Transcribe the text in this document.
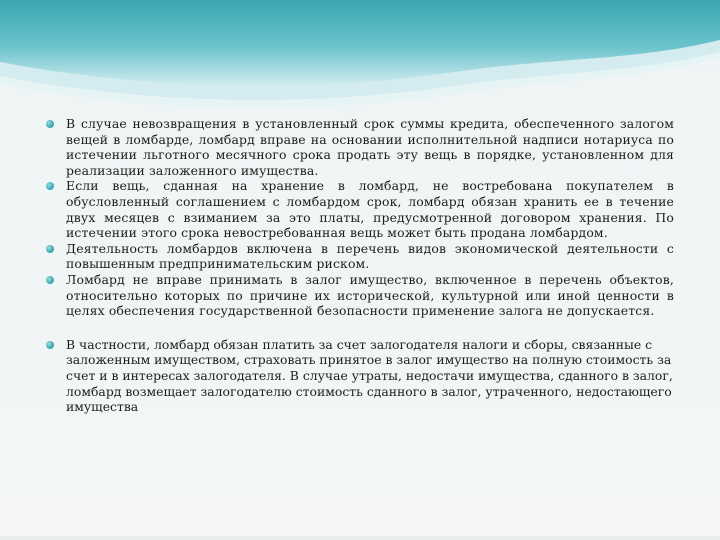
В случае невозвращения в установленный срок суммы кредита, обеспеченного залогом вещей в ломбарде, ломбард вправе на основании исполнительной надписи нотариуса по истечении льготного месячного срока продать эту вещь в порядке, установленном для реализации заложенного имущества.
Если вещь, сданная на хранение в ломбард, не востребована покупателем в обусловленный соглашением с ломбардом срок, ломбард обязан хранить ее в течение двух месяцев с взиманием за это платы, предусмотренной договором хранения. По истечении этого срока невостребованная вещь может быть продана ломбардом.
Деятельность ломбардов включена в перечень видов экономической деятельности с повышенным предпринимательским риском.
Ломбард не вправе принимать в залог имущество, включенное в перечень объектов, относительно которых по причине их исторической, культурной или иной ценности в целях обеспечения государственной безопасности применение залога не допускается.
В частности, ломбард обязан платить за счет залогодателя налоги и сборы, связанные с заложенным имуществом, страховать принятое в залог имущество на полную стоимость за счет и в интересах залогодателя. В случае утраты, недостачи имущества, сданного в залог, ломбард возмещает залогодателю стоимость сданного в залог, утраченного, недостающего имущества
